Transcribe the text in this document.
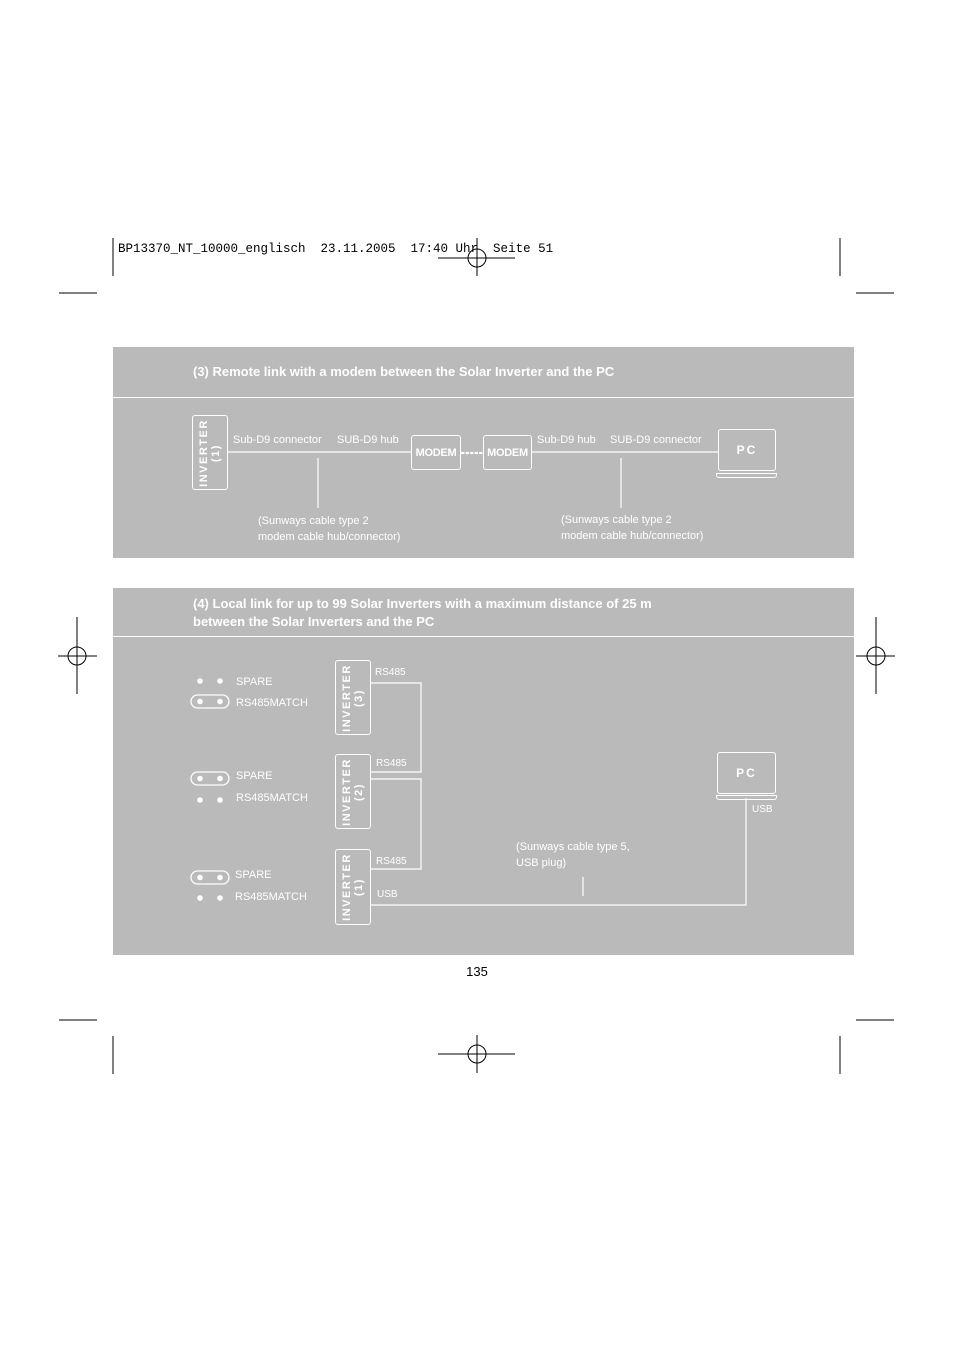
BP13370_NT_10000_englisch  23.11.2005  17:40 Uhr  Seite 51
(3) Remote link with a modem between the Solar Inverter and the PC
INVERTER
(1)
Sub-D9 connector SUB-D9 hub
MODEM	MODEM
Sub-D9 hub SUB-D9 connector
PC
(Sunways cable type 2
modem cable hub/connector)
(Sunways cable type 2
modem cable hub/connector)
(4) Local link for up to 99 Solar Inverters with a maximum distance of 25 m
between the Solar Inverters and the PC
SPARE
RS485MATCH
SPARE
RS485MATCH
SPARE
RS485MATCH
INVERTER
(3)
INVERTER
(2)
INVERTER
(1)
RS485
RS485
RS485
USB
PC
USB
(Sunways cable type 5,
USB plug)
135
